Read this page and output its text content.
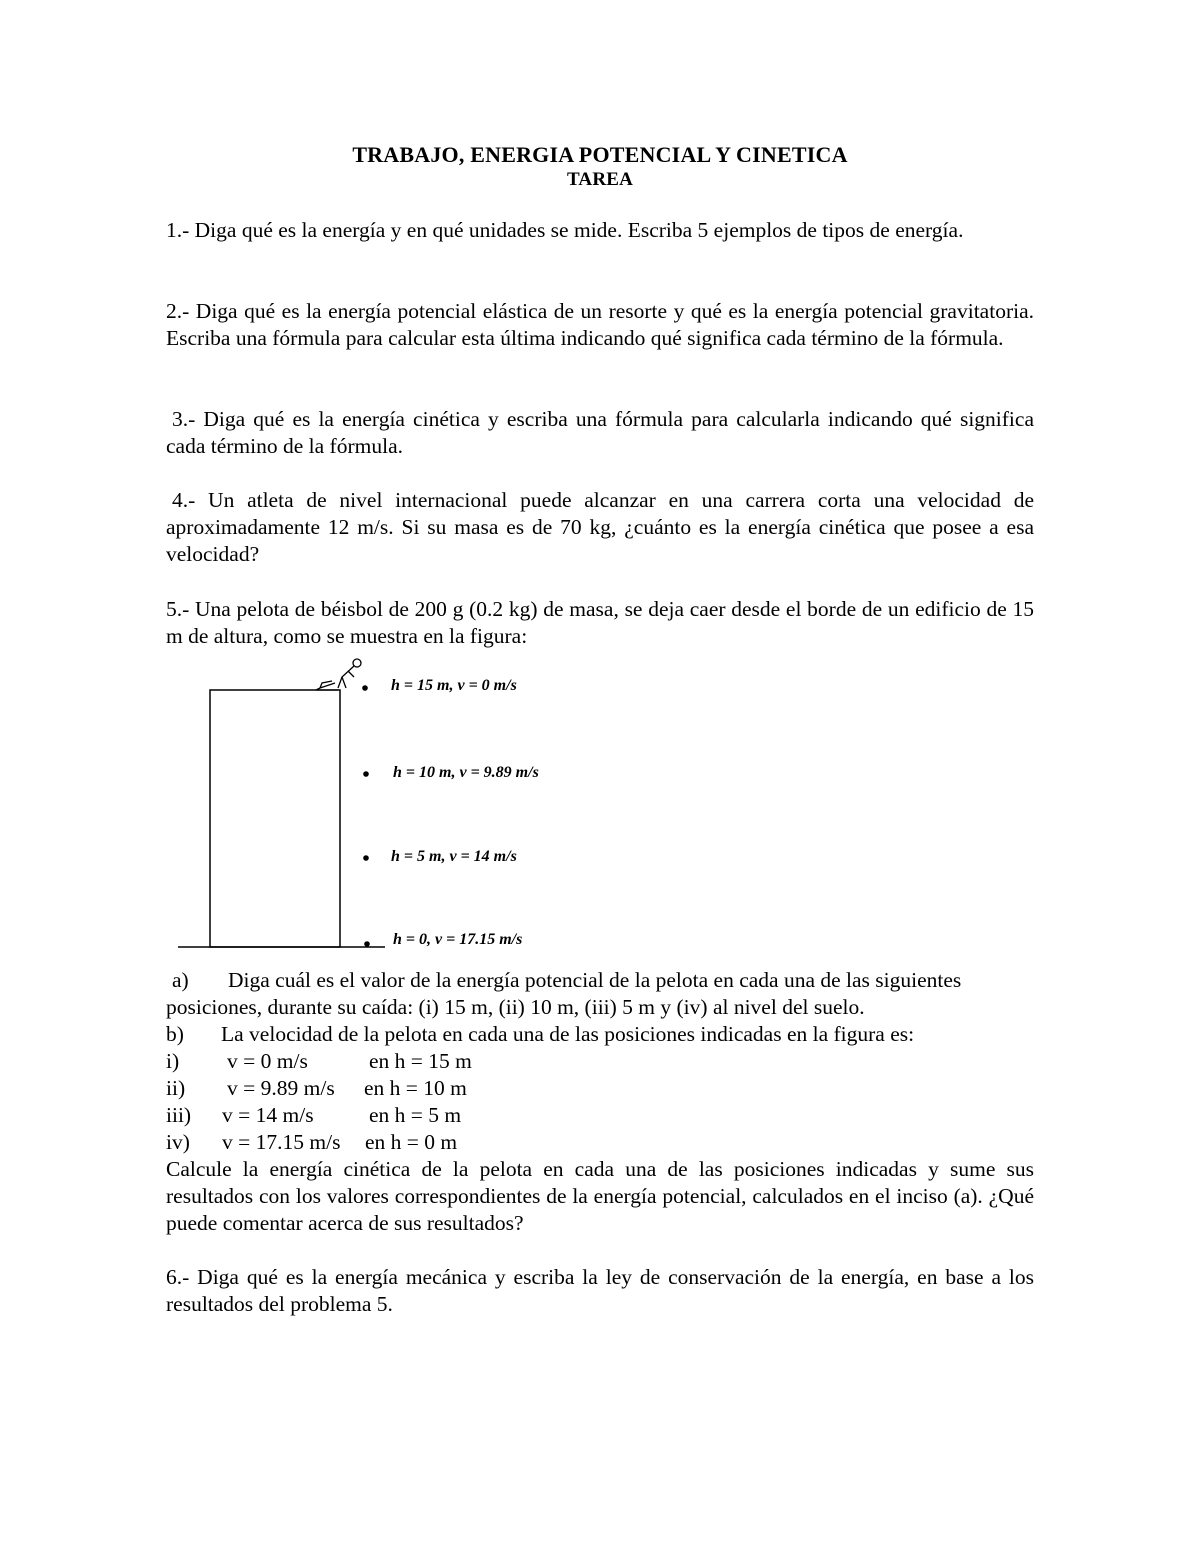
TRABAJO, ENERGIA POTENCIAL Y CINETICA
TAREA
1.- Diga qué es la energía y en qué unidades se mide. Escriba 5 ejemplos de tipos de energía.
2.- Diga qué es la energía potencial elástica de un resorte y qué es la energía potencial gravitatoria. Escriba una fórmula para calcular esta última indicando qué significa cada término de la fórmula.
3.- Diga qué es la energía cinética y escriba una fórmula para calcularla indicando qué significa cada término de la fórmula.
4.- Un atleta de nivel internacional puede alcanzar en una carrera corta una velocidad de aproximadamente 12 m/s. Si su masa es de 70 kg, ¿cuánto es la energía cinética que posee a esa velocidad?
5.- Una pelota de béisbol de 200 g (0.2 kg) de masa, se deja caer desde el borde de un edificio de 15 m de altura, como se muestra en la figura:
h = 15 m, v = 0 m/s
h = 10 m, v = 9.89 m/s
h = 5 m, v = 14 m/s
h = 0, v = 17.15 m/s
a) Diga cuál es el valor de la energía potencial de la pelota en cada una de las siguientes
posiciones, durante su caída: (i) 15 m, (ii) 10 m, (iii) 5 m y (iv) al nivel del suelo.
b) La velocidad de la pelota en cada una de las posiciones indicadas en la figura es:
i) v = 0 m/s	en h = 15 m
ii) v = 9.89 m/s en h = 10 m
iii) v = 14 m/s	en h = 5 m
iv) v = 17.15 m/s en h = 0 m
Calcule la energía cinética de la pelota en cada una de las posiciones indicadas y sume sus resultados con los valores correspondientes de la energía potencial, calculados en el inciso (a). ¿Qué puede comentar acerca de sus resultados?
6.- Diga qué es la energía mecánica y escriba la ley de conservación de la energía, en base a los resultados del problema 5.
